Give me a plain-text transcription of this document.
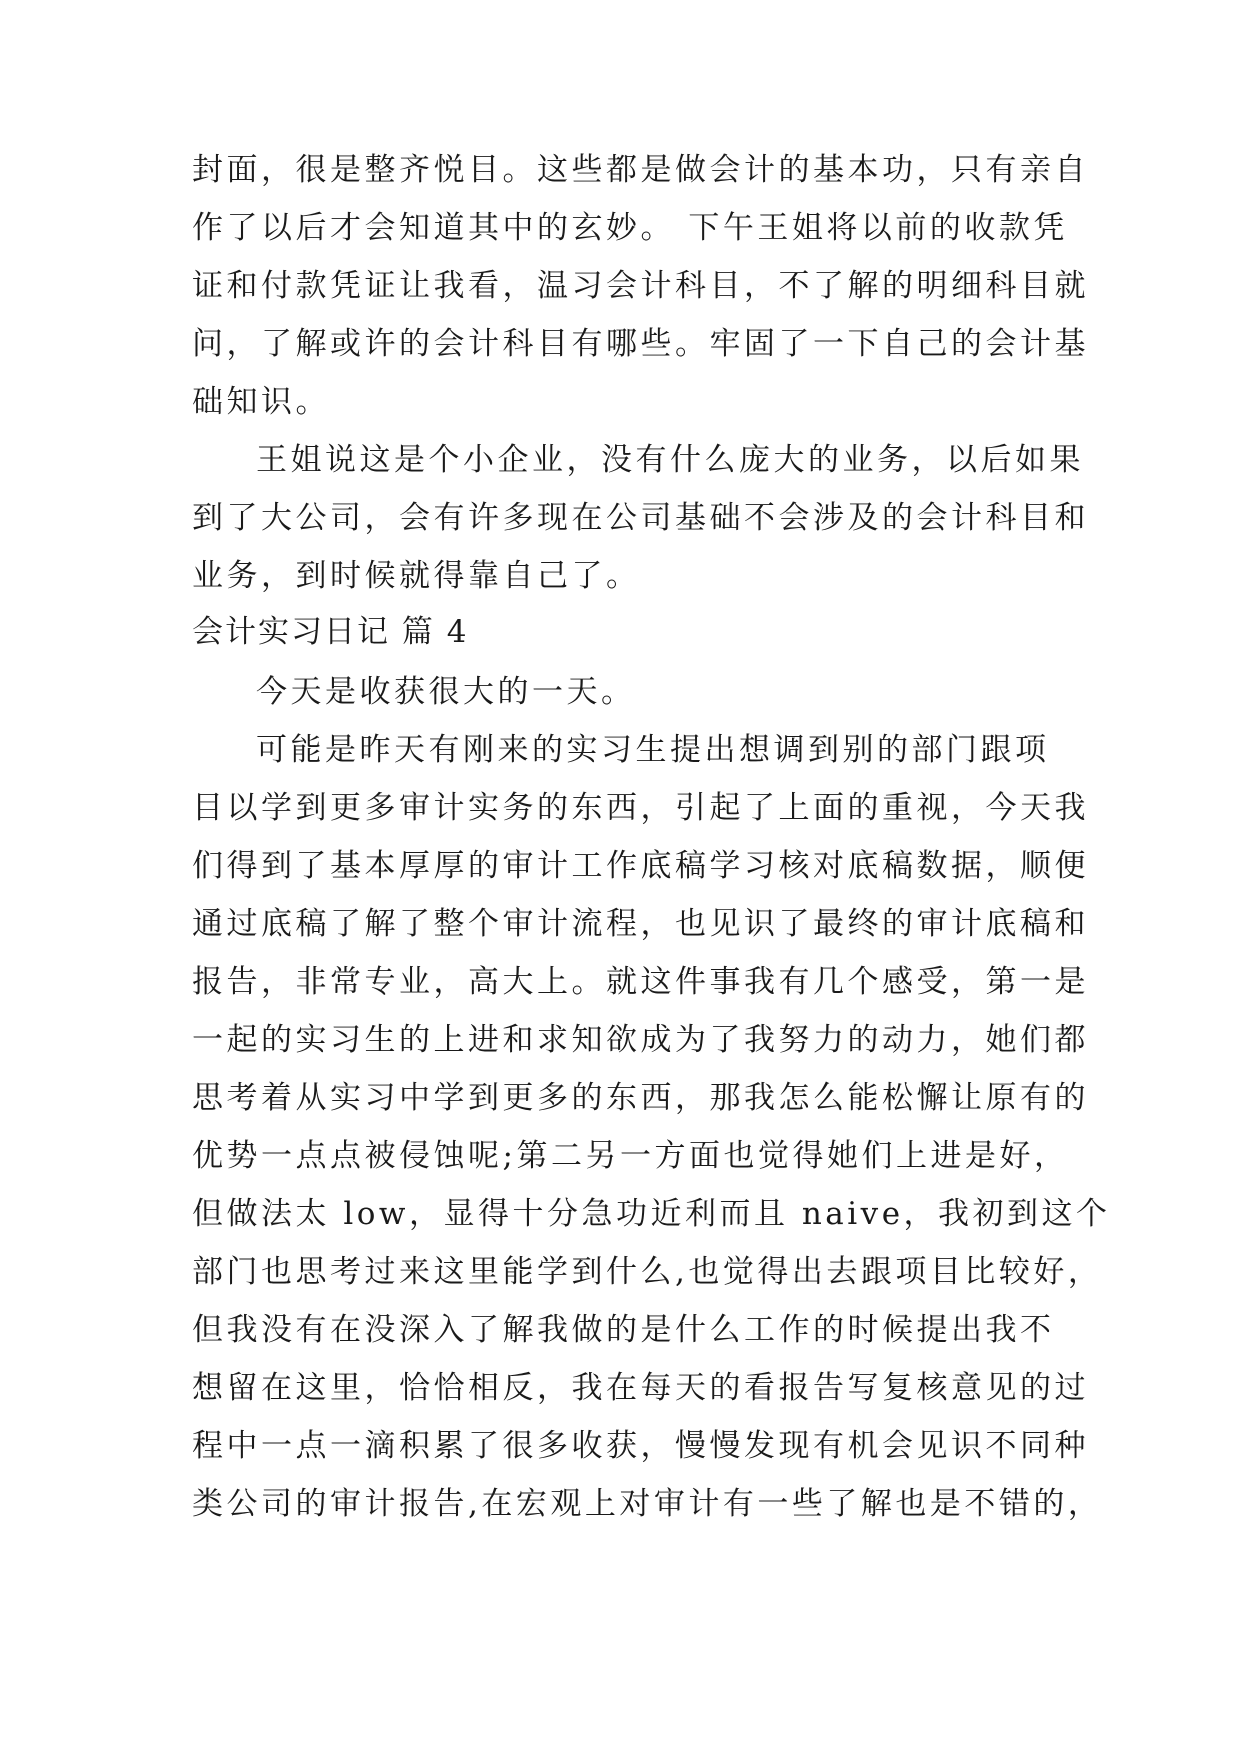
封面，很是整齐悦目。这些都是做会计的基本功，只有亲自
作了以后才会知道其中的玄妙。 下午王姐将以前的收款凭
证和付款凭证让我看，温习会计科目，不了解的明细科目就
问，了解或许的会计科目有哪些。牢固了一下自己的会计基
础知识。
王姐说这是个小企业，没有什么庞大的业务，以后如果
到了大公司，会有许多现在公司基础不会涉及的会计科目和
业务，到时候就得靠自己了。
会计实习日记 篇 4
今天是收获很大的一天。
可能是昨天有刚来的实习生提出想调到别的部门跟项
目以学到更多审计实务的东西，引起了上面的重视，今天我
们得到了基本厚厚的审计工作底稿学习核对底稿数据，顺便
通过底稿了解了整个审计流程，也见识了最终的审计底稿和
报告，非常专业，高大上。就这件事我有几个感受，第一是
一起的实习生的上进和求知欲成为了我努力的动力，她们都
思考着从实习中学到更多的东西，那我怎么能松懈让原有的
优势一点点被侵蚀呢;第二另一方面也觉得她们上进是好，
但做法太 low，显得十分急功近利而且 naive，我初到这个
部门也思考过来这里能学到什么,也觉得出去跟项目比较好，
但我没有在没深入了解我做的是什么工作的时候提出我不
想留在这里，恰恰相反，我在每天的看报告写复核意见的过
程中一点一滴积累了很多收获，慢慢发现有机会见识不同种
类公司的审计报告,在宏观上对审计有一些了解也是不错的，
